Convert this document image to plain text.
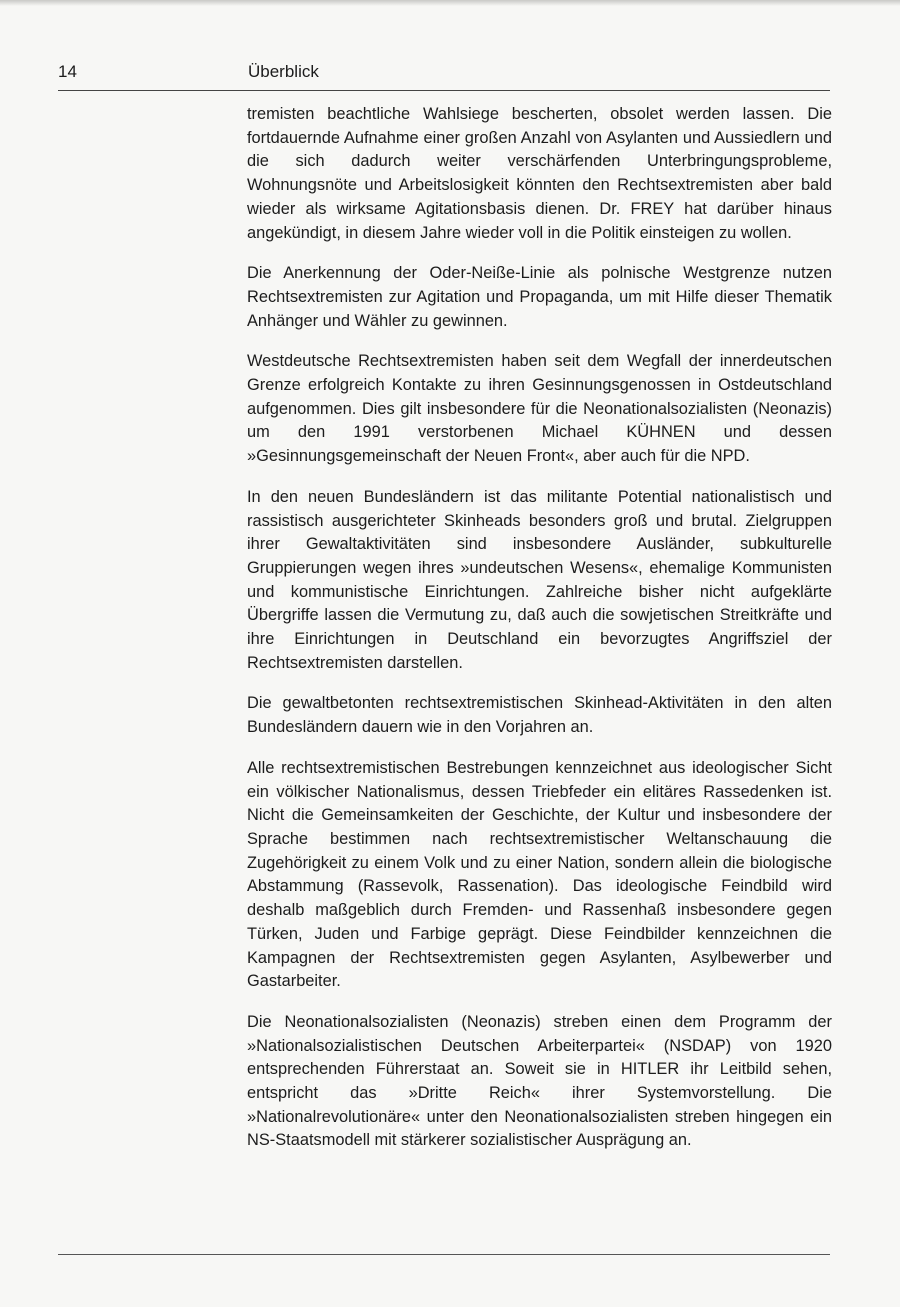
14	Überblick

tremisten beachtliche Wahlsiege bescherten, obsolet werden lassen. Die fortdauernde Aufnahme einer großen Anzahl von Asylanten und Aussiedlern und die sich dadurch weiter verschärfenden Unterbringungsprobleme, Wohnungsnöte und Arbeitslosigkeit könnten den Rechtsextremisten aber bald wieder als wirksame Agitationsbasis dienen. Dr. FREY hat darüber hinaus angekündigt, in diesem Jahre wieder voll in die Politik einsteigen zu wollen.

Die Anerkennung der Oder-Neiße-Linie als polnische Westgrenze nutzen Rechtsextremisten zur Agitation und Propaganda, um mit Hilfe dieser Thematik Anhänger und Wähler zu gewinnen.

Westdeutsche Rechtsextremisten haben seit dem Wegfall der innerdeutschen Grenze erfolgreich Kontakte zu ihren Gesinnungsgenossen in Ostdeutschland aufgenommen. Dies gilt insbesondere für die Neonationalsozialisten (Neonazis) um den 1991 verstorbenen Michael KÜHNEN und dessen »Gesinnungsgemeinschaft der Neuen Front«, aber auch für die NPD.

In den neuen Bundesländern ist das militante Potential nationalistisch und rassistisch ausgerichteter Skinheads besonders groß und brutal. Zielgruppen ihrer Gewaltaktivitäten sind insbesondere Ausländer, subkulturelle Gruppierungen wegen ihres »undeutschen Wesens«, ehemalige Kommunisten und kommunistische Einrichtungen. Zahlreiche bisher nicht aufgeklärte Übergriffe lassen die Vermutung zu, daß auch die sowjetischen Streitkräfte und ihre Einrichtungen in Deutschland ein bevorzugtes Angriffsziel der Rechtsextremisten darstellen.

Die gewaltbetonten rechtsextremistischen Skinhead-Aktivitäten in den alten Bundesländern dauern wie in den Vorjahren an.

Alle rechtsextremistischen Bestrebungen kennzeichnet aus ideologischer Sicht ein völkischer Nationalismus, dessen Triebfeder ein elitäres Rassedenken ist. Nicht die Gemeinsamkeiten der Geschichte, der Kultur und insbesondere der Sprache bestimmen nach rechtsextremistischer Weltanschauung die Zugehörigkeit zu einem Volk und zu einer Nation, sondern allein die biologische Abstammung (Rassevolk, Rassenation). Das ideologische Feindbild wird deshalb maßgeblich durch Fremden- und Rassenhaß insbesondere gegen Türken, Juden und Farbige geprägt. Diese Feindbilder kennzeichnen die Kampagnen der Rechtsextremisten gegen Asylanten, Asylbewerber und Gastarbeiter.

Die Neonationalsozialisten (Neonazis) streben einen dem Programm der »Nationalsozialistischen Deutschen Arbeiterpartei« (NSDAP) von 1920 entsprechenden Führerstaat an. Soweit sie in HITLER ihr Leitbild sehen, entspricht das »Dritte Reich« ihrer Systemvorstellung. Die »Nationalrevolutionäre« unter den Neonationalsozialisten streben hingegen ein NS-Staatsmodell mit stärkerer sozialistischer Ausprägung an.
